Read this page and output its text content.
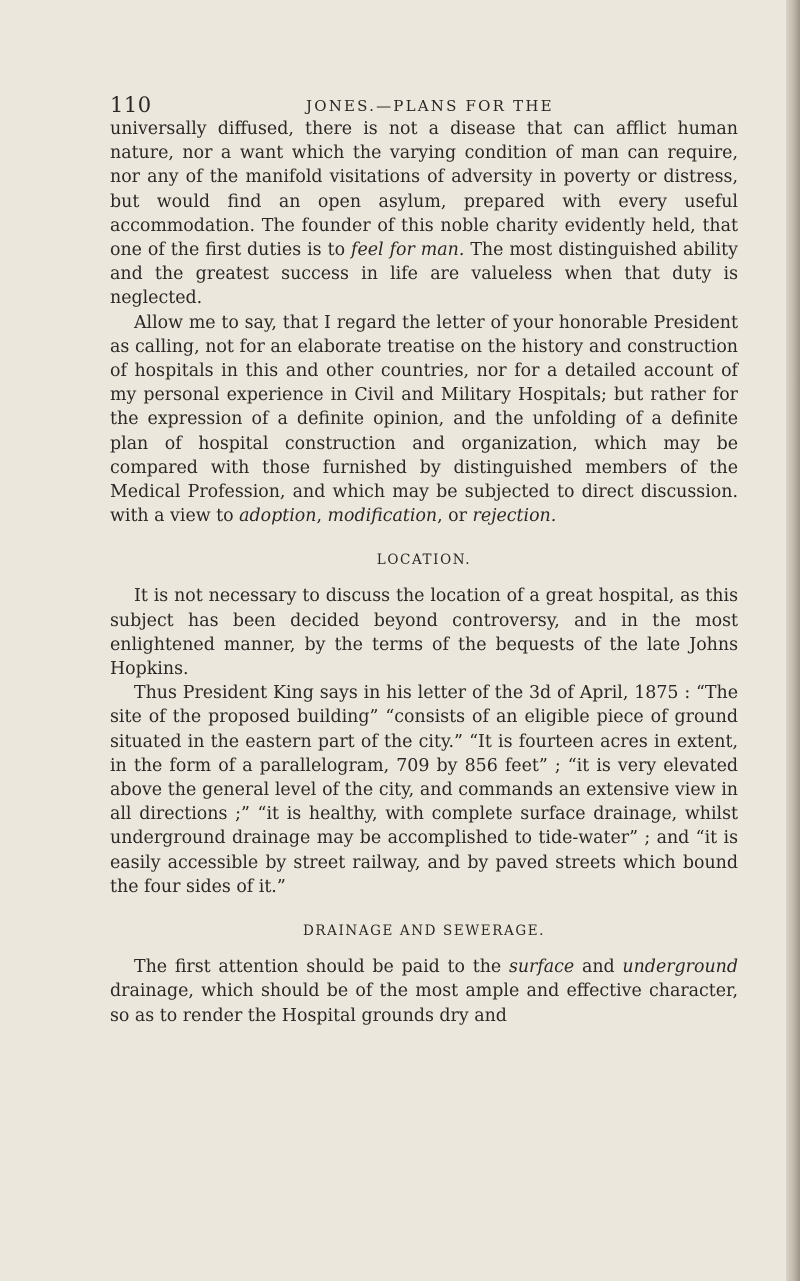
110	JONES.—PLANS FOR THE

universally diffused, there is not a disease that can afflict human nature, nor a want which the varying condition of man can require, nor any of the manifold visitations of adversity in poverty or distress, but would find an open asylum, prepared with every useful accommodation. The founder of this noble charity evidently held, that one of the first duties is to feel for man. The most distinguished ability and the greatest success in life are valueless when that duty is neglected.

Allow me to say, that I regard the letter of your honorable President as calling, not for an elaborate treatise on the history and construction of hospitals in this and other countries, nor for a detailed account of my personal experience in Civil and Military Hospitals; but rather for the expression of a definite opinion, and the unfolding of a definite plan of hospital construction and organization, which may be compared with those furnished by distinguished members of the Medical Profession, and which may be subjected to direct discussion. with a view to adoption, modification, or rejection.

LOCATION.

It is not necessary to discuss the location of a great hospital, as this subject has been decided beyond controversy, and in the most enlightened manner, by the terms of the bequests of the late Johns Hopkins.

Thus President King says in his letter of the 3d of April, 1875 : “The site of the proposed building” “consists of an eligible piece of ground situated in the eastern part of the city.” “It is fourteen acres in extent, in the form of a parallelogram, 709 by 856 feet” ; “it is very elevated above the general level of the city, and commands an extensive view in all directions ;” “it is healthy, with complete surface drainage, whilst underground drainage may be accomplished to tide-water” ; and “it is easily accessible by street railway, and by paved streets which bound the four sides of it.”

DRAINAGE AND SEWERAGE.

The first attention should be paid to the surface and underground drainage, which should be of the most ample and effective character, so as to render the Hospital grounds dry and
